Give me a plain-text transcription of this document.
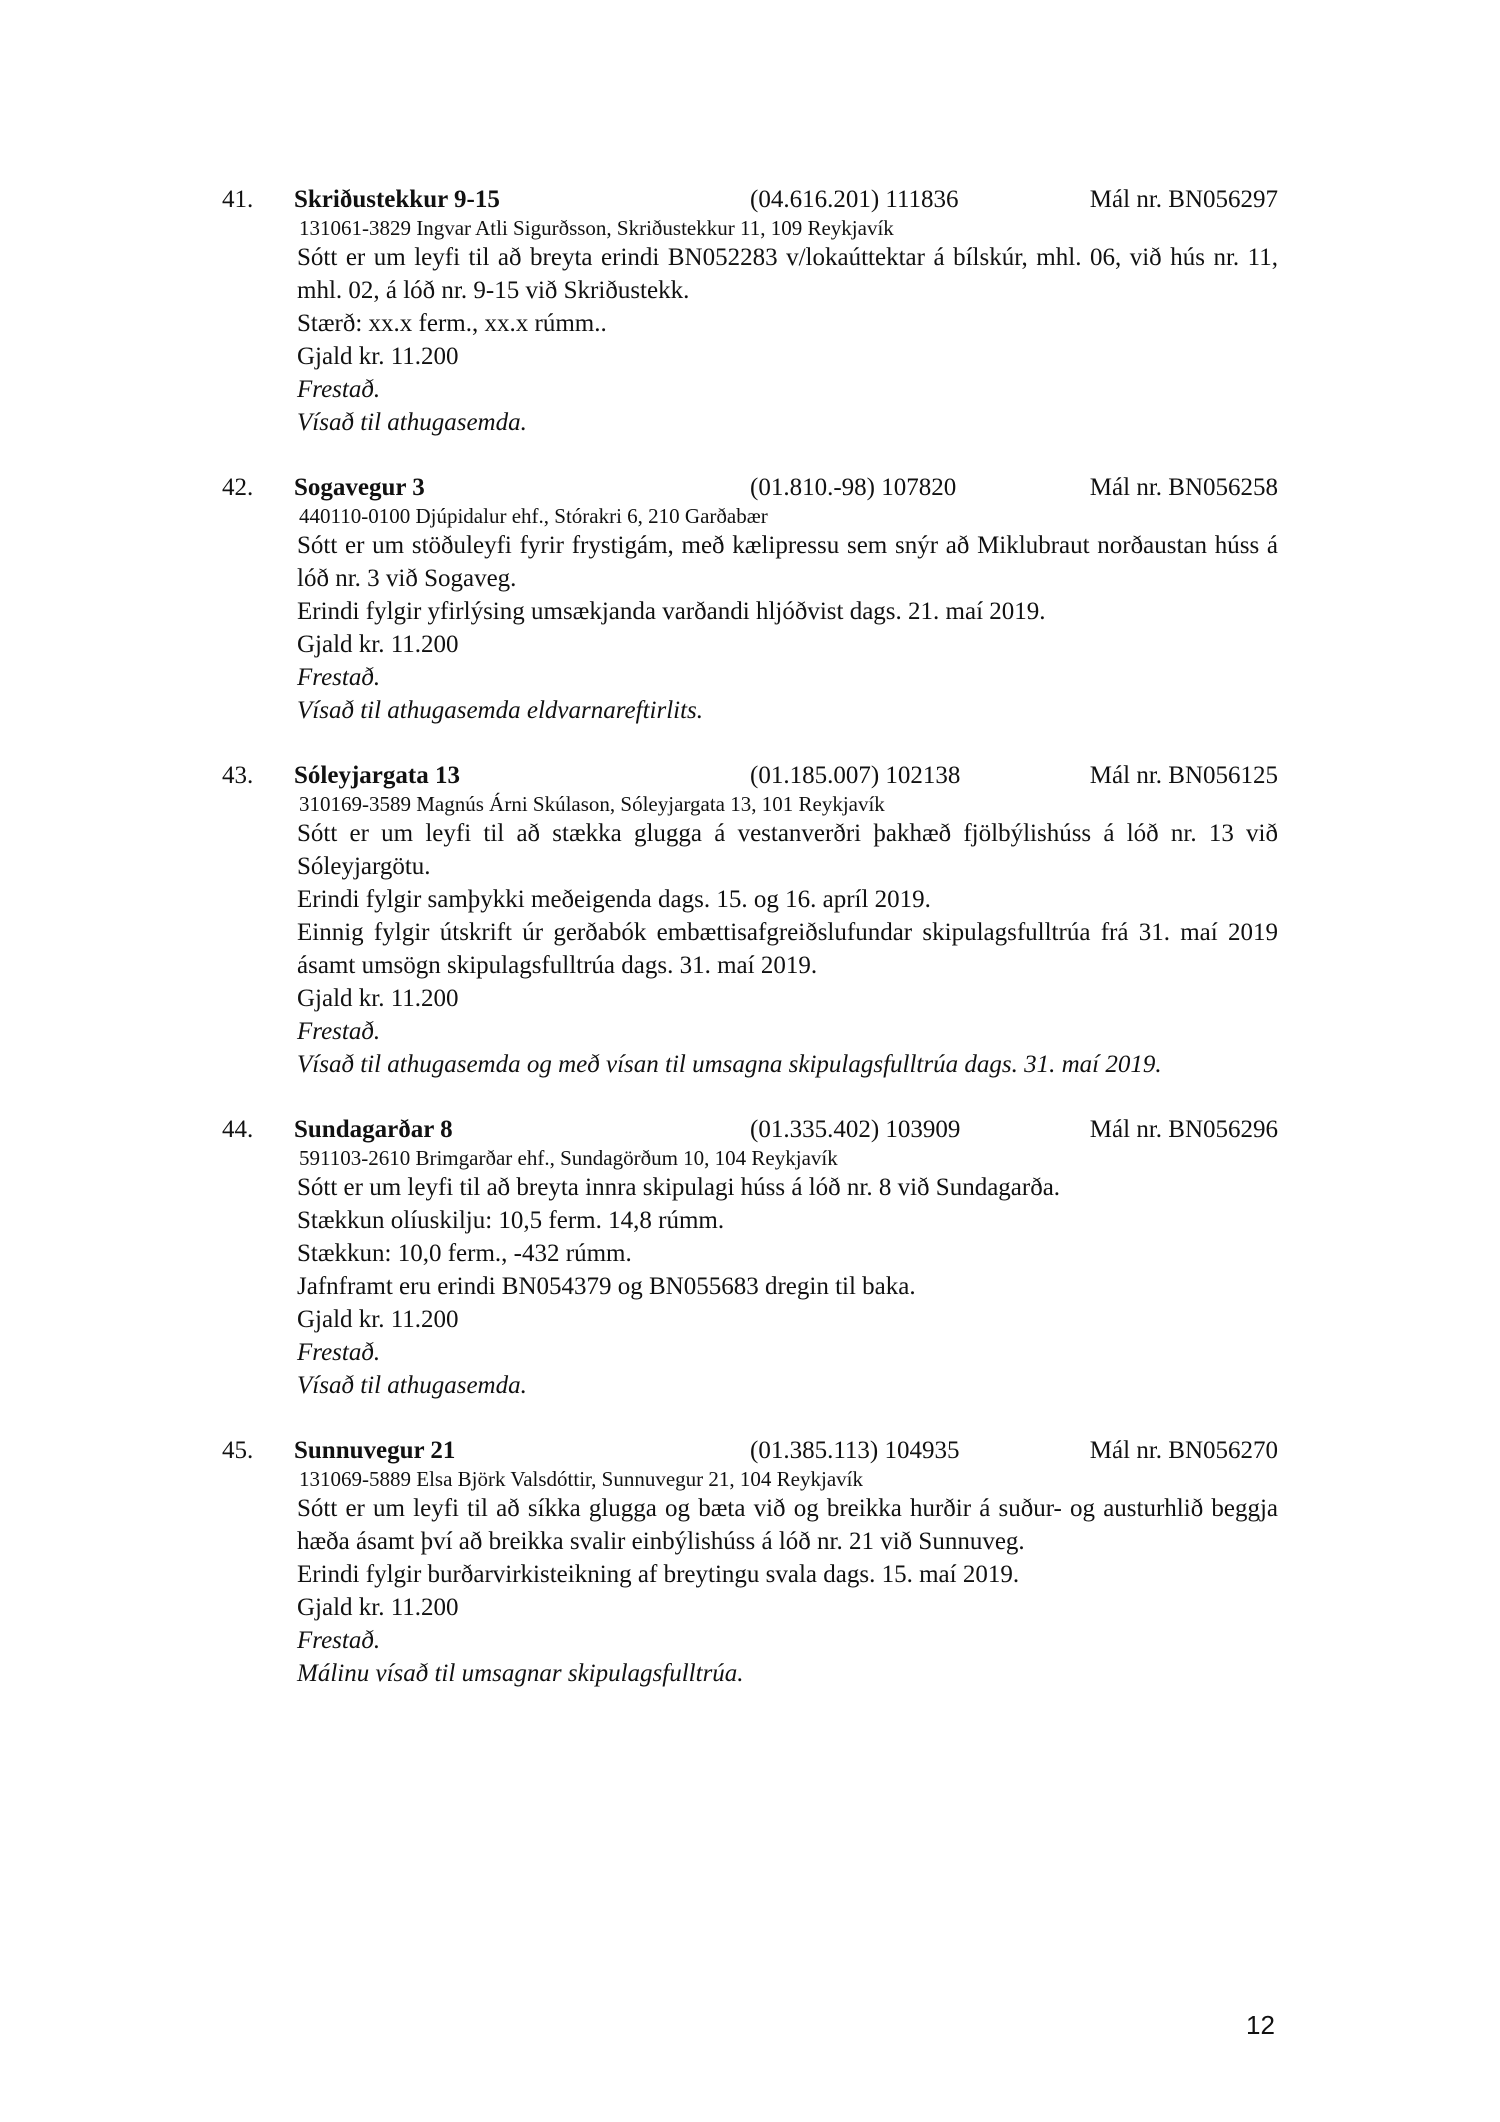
41. Skriðustekkur 9-15	(04.616.201) 111836	Mál nr. BN056297
131061-3829 Ingvar Atli Sigurðsson, Skriðustekkur 11, 109 Reykjavík
Sótt er um leyfi til að breyta erindi BN052283 v/lokaúttektar á bílskúr, mhl. 06, við hús nr. 11, mhl. 02, á lóð nr. 9-15 við Skriðustekk.
Stærð: xx.x ferm., xx.x rúmm..
Gjald kr. 11.200
Frestað.
Vísað til athugasemda.
42. Sogavegur 3	(01.810.-98) 107820	Mál nr. BN056258
440110-0100 Djúpidalur ehf., Stórakri 6, 210 Garðabær
Sótt er um stöðuleyfi fyrir frystigám, með kælipressu sem snýr að Miklubraut norðaustan húss á lóð nr. 3 við Sogaveg.
Erindi fylgir yfirlýsing umsækjanda varðandi hljóðvist dags. 21. maí 2019.
Gjald kr. 11.200
Frestað.
Vísað til athugasemda eldvarnareftirlits.
43. Sóleyjargata 13	(01.185.007) 102138	Mál nr. BN056125
310169-3589 Magnús Árni Skúlason, Sóleyjargata 13, 101 Reykjavík
Sótt er um leyfi til að stækka glugga á vestanverðri þakhæð fjölbýlishúss á lóð nr. 13 við Sóleyjargötu.
Erindi fylgir samþykki meðeigenda dags. 15. og 16. apríl 2019.
Einnig fylgir útskrift úr gerðabók embættisafgreiðslufundar skipulagsfulltrúa frá 31. maí 2019 ásamt umsögn skipulagsfulltrúa dags. 31. maí 2019.
Gjald kr. 11.200
Frestað.
Vísað til athugasemda og með vísan til umsagna skipulagsfulltrúa dags. 31. maí 2019.
44. Sundagarðar 8	(01.335.402) 103909	Mál nr. BN056296
591103-2610 Brimgarðar ehf., Sundagörðum 10, 104 Reykjavík
Sótt er um leyfi til að breyta innra skipulagi húss á lóð nr. 8 við Sundagarða.
Stækkun olíuskilju: 10,5 ferm. 14,8 rúmm.
Stækkun: 10,0 ferm., -432 rúmm.
Jafnframt eru erindi BN054379 og BN055683 dregin til baka.
Gjald kr. 11.200
Frestað.
Vísað til athugasemda.
45. Sunnuvegur 21	(01.385.113) 104935	Mál nr. BN056270
131069-5889 Elsa Björk Valsdóttir, Sunnuvegur 21, 104 Reykjavík
Sótt er um leyfi til að síkka glugga og bæta við og breikka hurðir á suður- og austurhlið beggja hæða ásamt því að breikka svalir einbýlishúss á lóð nr. 21 við Sunnuveg.
Erindi fylgir burðarvirkisteikning af breytingu svala dags. 15. maí 2019.
Gjald kr. 11.200
Frestað.
Málinu vísað til umsagnar skipulagsfulltrúa.
12
